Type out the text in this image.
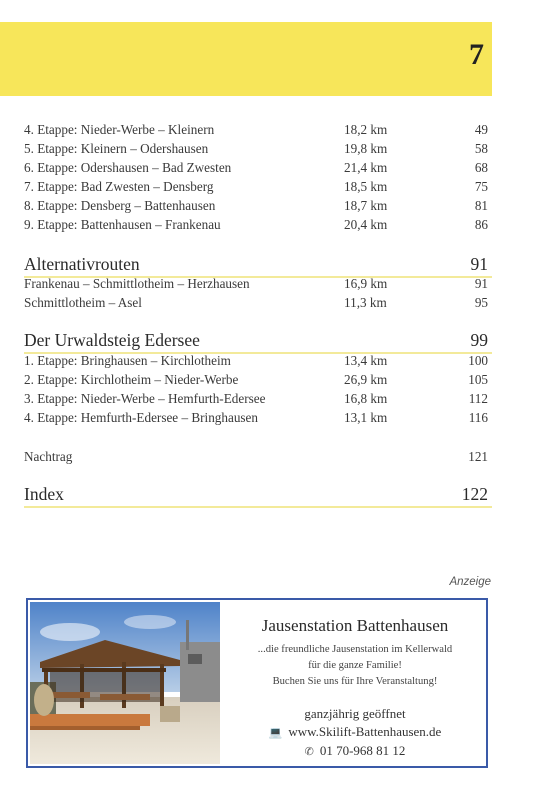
7
4. Etappe: Nieder-Werbe – Kleinern	18,2 km	49
5. Etappe: Kleinern – Odershausen	19,8 km	58
6. Etappe: Odershausen – Bad Zwesten	21,4 km	68
7. Etappe: Bad Zwesten – Densberg	18,5 km	75
8. Etappe: Densberg – Battenhausen	18,7 km	81
9. Etappe: Battenhausen – Frankenau	20,4 km	86
Alternativrouten	91
Frankenau – Schmittlotheim – Herzhausen	16,9 km	91
Schmittlotheim – Asel	11,3 km	95
Der Urwaldsteig Edersee	99
1. Etappe: Bringhausen – Kirchlotheim	13,4 km	100
2. Etappe: Kirchlotheim – Nieder-Werbe	26,9 km	105
3. Etappe: Nieder-Werbe – Hemfurth-Edersee	16,8 km	112
4. Etappe: Hemfurth-Edersee – Bringhausen	13,1 km	116
Nachtrag	121
Index	122
Anzeige
Jausenstation Battenhausen
...die freundliche Jausenstation im Kellerwald
für die ganze Familie!
Buchen Sie uns für Ihre Veranstaltung!
ganzjährig geöffnet
💻 www.Skilift-Battenhausen.de
✆ 01 70-968 81 12
